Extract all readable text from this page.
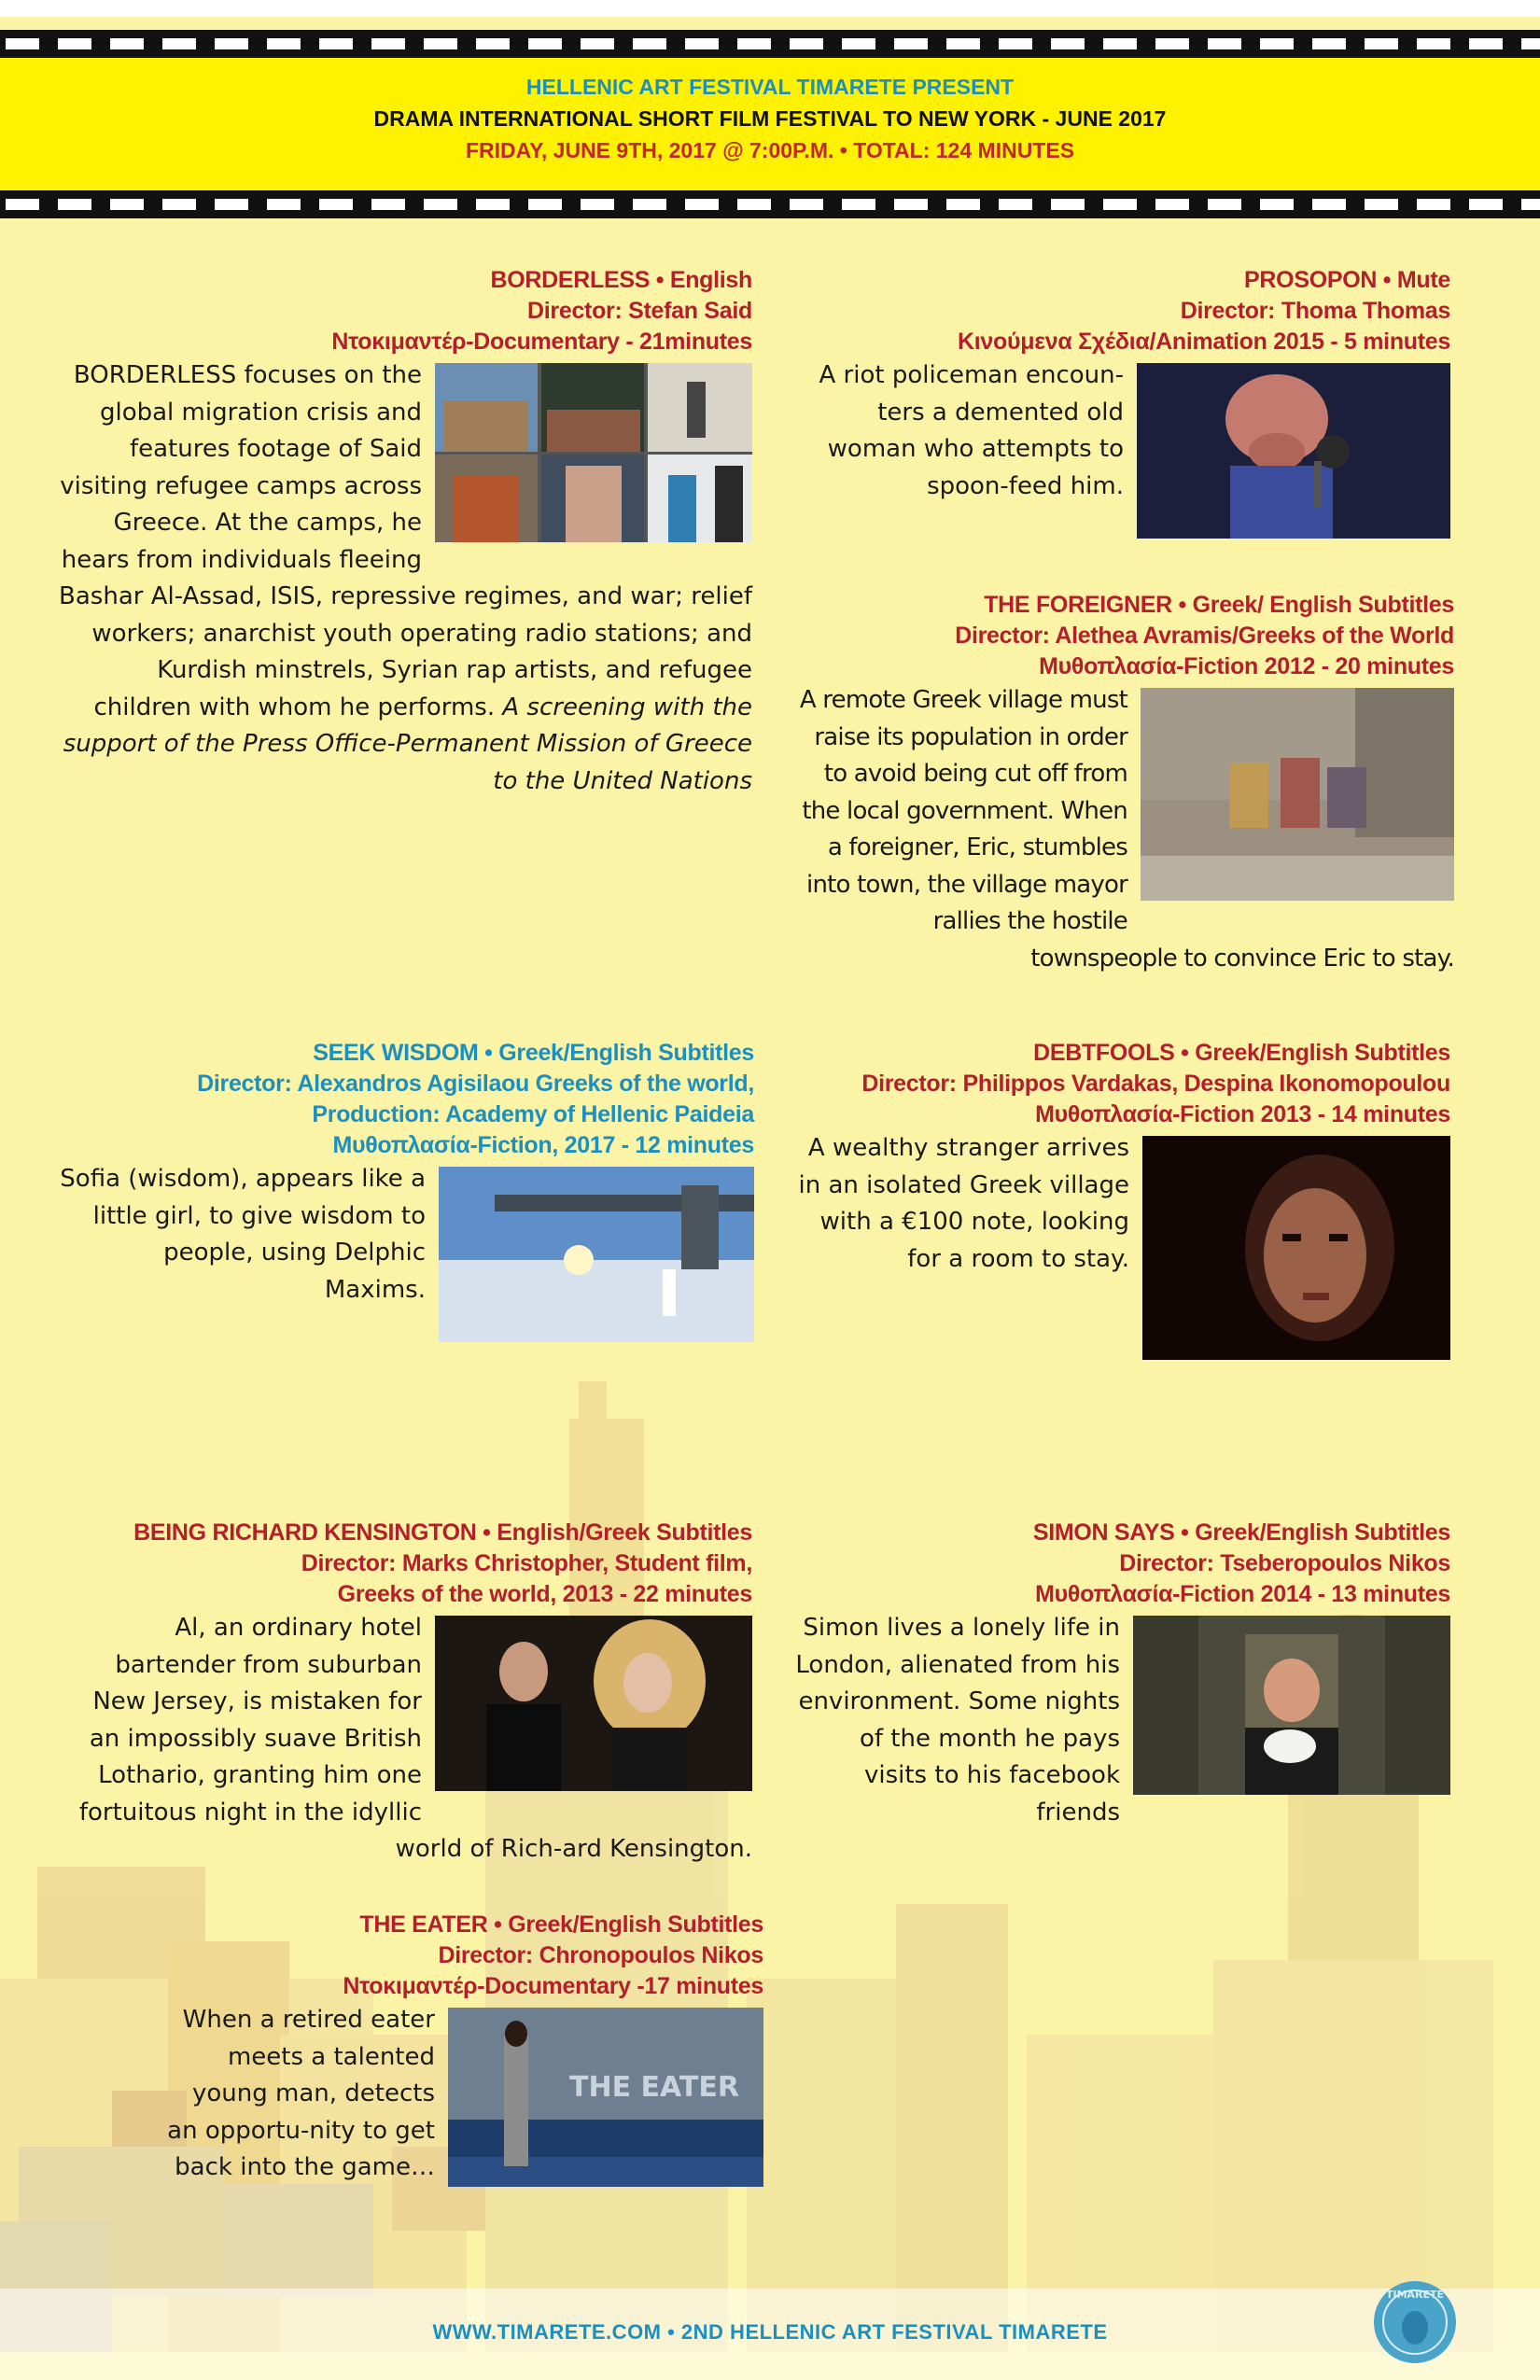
HELLENIC ART FESTIVAL TIMARETE PRESENT
DRAMA INTERNATIONAL SHORT FILM FESTIVAL TO NEW YORK - JUNE 2017
FRIDAY, JUNE 9TH, 2017 @ 7:00P.M. • TOTAL: 124 MINUTES
BORDERLESS • English
Director: Stefan Said
Ντοκιμαντέρ-Documentary - 21minutes
BORDERLESS focuses on the global migration crisis and features footage of Said visiting refugee camps across Greece. At the camps, he hears from individuals fleeing Bashar Al-Assad, ISIS, repressive regimes, and war; relief workers; anarchist youth operating radio stations; and Kurdish minstrels, Syrian rap artists, and refugee children with whom he performs. A screening with the support of the Press Office-Permanent Mission of Greece to the United Nations
PROSOPON • Mute
Director: Thoma Thomas
Κινούμενα Σχέδια/Animation 2015 - 5 minutes
A riot policeman encoun-ters a demented old woman who attempts to spoon-feed him.
THE FOREIGNER • Greek/ English Subtitles
Director: Alethea Avramis/Greeks of the World
Μυθοπλασία-Fiction 2012 - 20 minutes
A remote Greek village must raise its population in order to avoid being cut off from the local government. When a foreigner, Eric, stumbles into town, the village mayor rallies the hostile townspeople to convince Eric to stay.
SEEK WISDOM • Greek/English Subtitles
Director: Alexandros Agisilaou Greeks of the world,
Production: Academy of Hellenic Paideia
Μυθοπλασία-Fiction, 2017 - 12 minutes
Sofia (wisdom), appears like a little girl, to give wisdom to people, using Delphic Maxims.
DEBTFOOLS • Greek/English Subtitles
Director: Philippos Vardakas, Despina Ikonomopoulou
Μυθοπλασία-Fiction 2013 - 14 minutes
A wealthy stranger arrives in an isolated Greek village with a €100 note, looking for a room to stay.
BEING RICHARD KENSINGTON • English/Greek Subtitles
Director: Marks Christopher, Student film,
Greeks of the world, 2013 - 22 minutes
Al, an ordinary hotel bartender from suburban New Jersey, is mistaken for an impossibly suave British Lothario, granting him one fortuitous night in the idyllic world of Rich-ard Kensington.
SIMON SAYS • Greek/English Subtitles
Director: Tseberopoulos Nikos
Μυθοπλασία-Fiction 2014 - 13 minutes
Simon lives a lonely life in London, alienated from his environment. Some nights of the month he pays visits to his facebook friends
THE EATER • Greek/English Subtitles
Director: Chronopoulos Nikos
Ντοκιμαντέρ-Documentary -17 minutes
THE EATER
When a retired eater meets a talented young man, detects an opportu-nity to get back into the game…
WWW.TIMARETE.COM • 2ND HELLENIC ART FESTIVAL TIMARETE
TIMARETE
